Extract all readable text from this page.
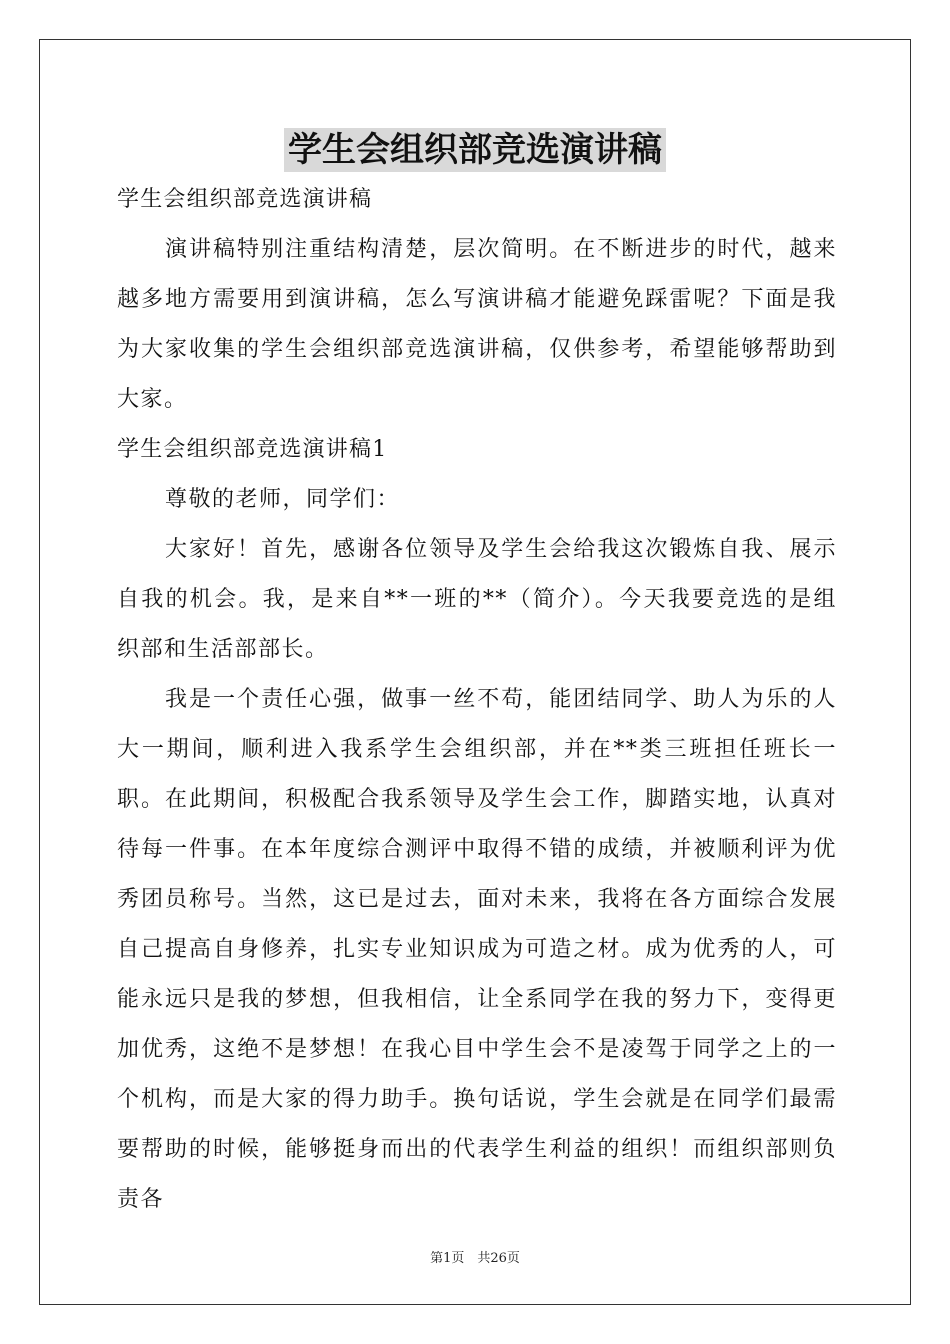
学生会组织部竞选演讲稿
学生会组织部竞选演讲稿
演讲稿特别注重结构清楚，层次简明。在不断进步的时代，越来越多地方需要用到演讲稿，怎么写演讲稿才能避免踩雷呢？下面是我为大家收集的学生会组织部竞选演讲稿，仅供参考，希望能够帮助到大家。
学生会组织部竞选演讲稿1
尊敬的老师，同学们：
大家好！首先，感谢各位领导及学生会给我这次锻炼自我、展示自我的机会。我，是来自**一班的**（简介）。今天我要竞选的是组织部和生活部部长。
我是一个责任心强，做事一丝不苟，能团结同学、助人为乐的人大一期间，顺利进入我系学生会组织部，并在**类三班担任班长一职。在此期间，积极配合我系领导及学生会工作，脚踏实地，认真对待每一件事。在本年度综合测评中取得不错的成绩，并被顺利评为优秀团员称号。当然，这已是过去，面对未来，我将在各方面综合发展自己提高自身修养，扎实专业知识成为可造之材。成为优秀的人，可能永远只是我的梦想，但我相信，让全系同学在我的努力下，变得更加优秀，这绝不是梦想！在我心目中学生会不是凌驾于同学之上的一个机构，而是大家的得力助手。换句话说，学生会就是在同学们最需要帮助的时候，能够挺身而出的代表学生利益的组织！而组织部则负责各
第1页　共26页
